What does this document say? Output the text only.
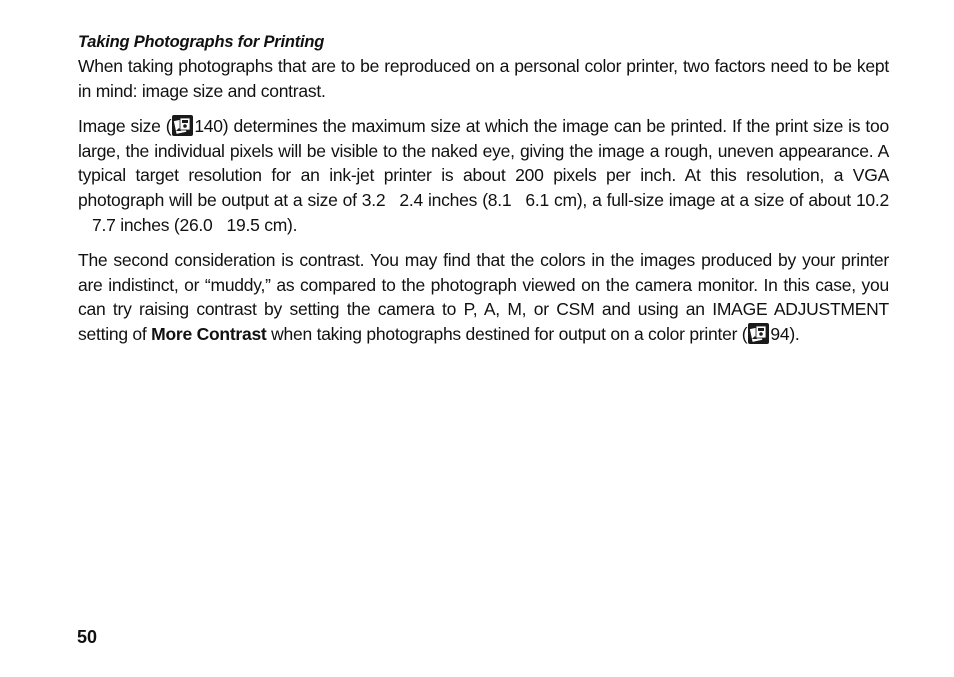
Taking Photographs for Printing

When taking photographs that are to be reproduced on a personal color printer, two factors need to be kept in mind: image size and contrast.

Image size ( 140) determines the maximum size at which the image can be printed. If the print size is too large, the individual pixels will be visible to the naked eye, giving the image a rough, uneven appearance. A typical target resolution for an ink-jet printer is about 200 pixels per inch. At this resolution, a VGA photograph will be output at a size of 3.2 2.4 inches (8.1 6.1 cm), a full-size image at a size of about 10.27.7 inches (26.0 19.5 cm).

The second consideration is contrast. You may find that the colors in the images produced by your printer are indistinct, or “muddy,” as compared to the photograph viewed on the camera monitor. In this case, you can try raising contrast by setting the camera to P, A, M, or CSM and using an IMAGE ADJUSTMENT setting of More Contrast when taking photographs destined for output on a color printer ( 94).

50
